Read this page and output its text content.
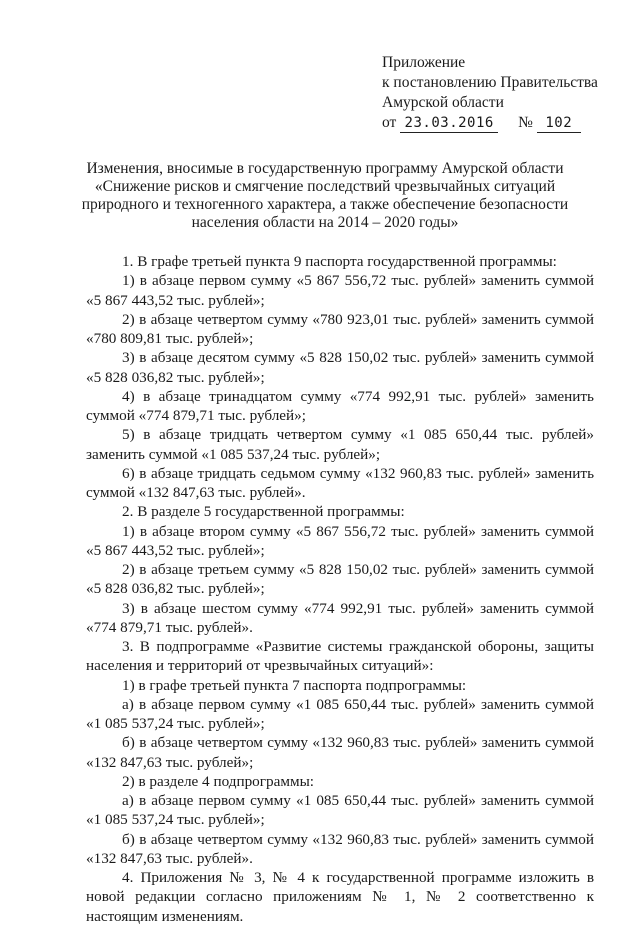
Приложение
к постановлению Правительства
Амурской области
от 23.03.2016 № 102
Изменения, вносимые в государственную программу Амурской области
«Снижение рисков и смягчение последствий чрезвычайных ситуаций
природного и техногенного характера, а также обеспечение безопасности
населения области на 2014 – 2020 годы»

1. В графе третьей пункта 9 паспорта государственной программы:

1) в абзаце первом сумму «5 867 556,72 тыс. рублей» заменить суммой «5 867 443,52 тыс. рублей»;

2) в абзаце четвертом сумму «780 923,01 тыс. рублей» заменить суммой «780 809,81 тыс. рублей»;

3) в абзаце десятом сумму «5 828 150,02 тыс. рублей» заменить суммой «5 828 036,82 тыс. рублей»;

4) в абзаце тринадцатом сумму «774 992,91 тыс. рублей» заменить суммой «774 879,71 тыс. рублей»;

5) в абзаце тридцать четвертом сумму «1 085 650,44 тыс. рублей» заменить суммой «1 085 537,24 тыс. рублей»;

6) в абзаце тридцать седьмом сумму «132 960,83 тыс. рублей» заменить суммой «132 847,63 тыс. рублей».

2. В разделе 5 государственной программы:

1) в абзаце втором сумму «5 867 556,72 тыс. рублей» заменить суммой «5 867 443,52 тыс. рублей»;

2) в абзаце третьем сумму «5 828 150,02 тыс. рублей» заменить суммой «5 828 036,82 тыс. рублей»;

3) в абзаце шестом сумму «774 992,91 тыс. рублей» заменить суммой «774 879,71 тыс. рублей».

3. В подпрограмме «Развитие системы гражданской обороны, защиты населения и территорий от чрезвычайных ситуаций»:

1) в графе третьей пункта 7 паспорта подпрограммы:

а) в абзаце первом сумму «1 085 650,44 тыс. рублей» заменить суммой «1 085 537,24 тыс. рублей»;

б) в абзаце четвертом сумму «132 960,83 тыс. рублей» заменить суммой «132 847,63 тыс. рублей»;

2) в разделе 4 подпрограммы:

а) в абзаце первом сумму «1 085 650,44 тыс. рублей» заменить суммой «1 085 537,24 тыс. рублей»;

б) в абзаце четвертом сумму «132 960,83 тыс. рублей» заменить суммой «132 847,63 тыс. рублей».

4. Приложения № 3, № 4 к государственной программе изложить в новой редакции согласно приложениям № 1, № 2 соответственно к настоящим изменениям.
